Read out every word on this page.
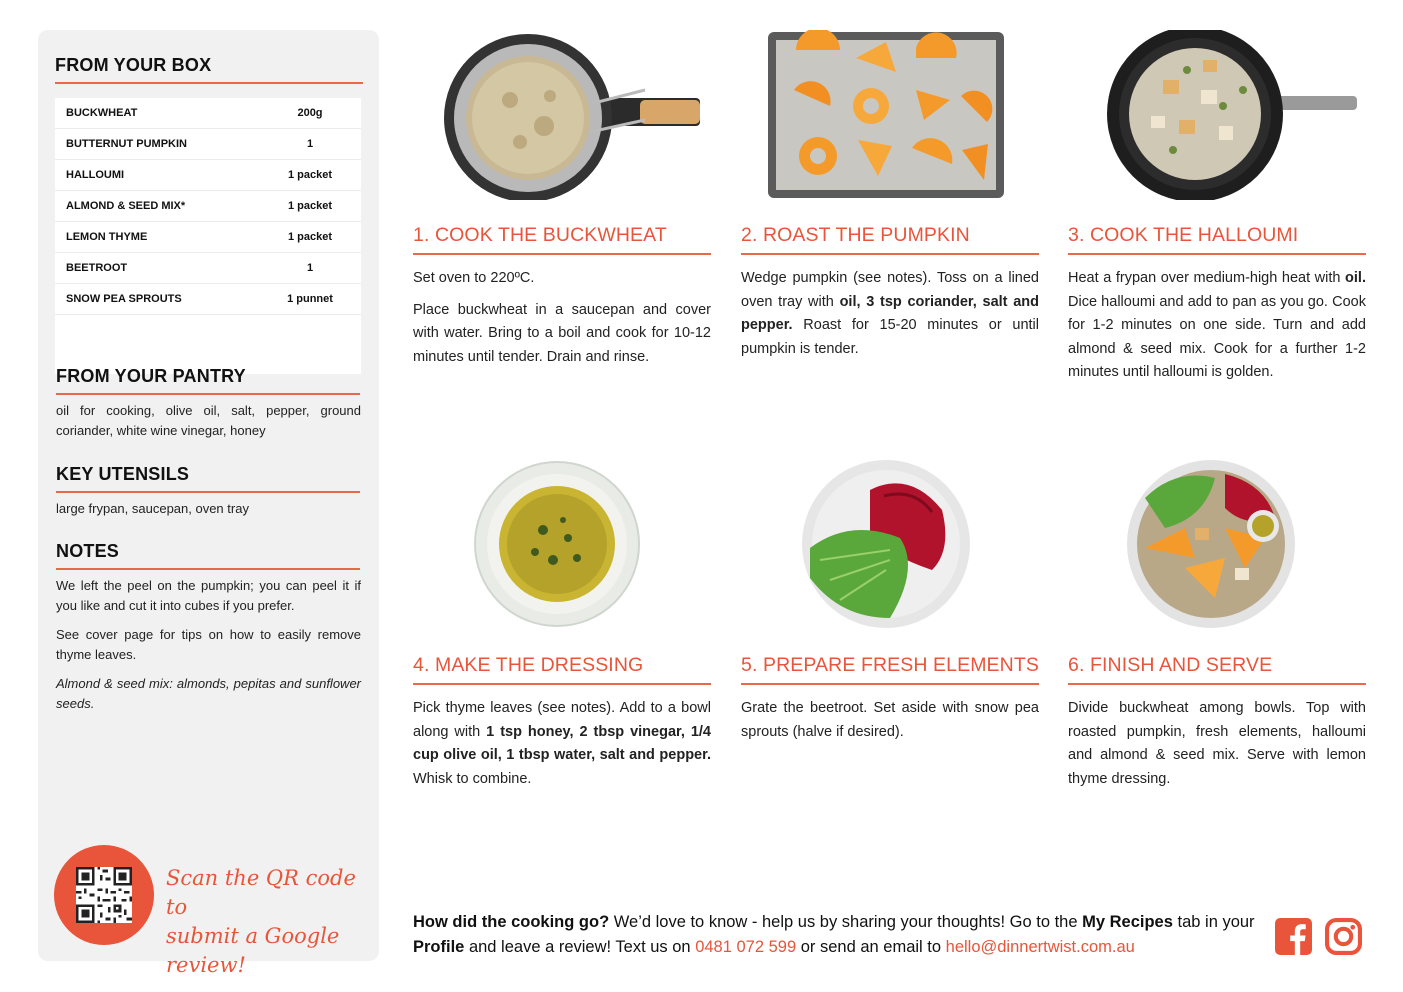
FROM YOUR BOX
BUCKWHEAT	200g
BUTTERNUT PUMPKIN	1
HALLOUMI	1 packet
ALMOND & SEED MIX*	1 packet
LEMON THYME	1 packet
BEETROOT	1
SNOW PEA SPROUTS	1 punnet
FROM YOUR PANTRY

oil for cooking, olive oil, salt, pepper, ground coriander, white wine vinegar, honey

KEY UTENSILS

large frypan, saucepan, oven tray

NOTES

We left the peel on the pumpkin; you can peel it if you like and cut it into cubes if you prefer.

See cover page for tips on how to easily remove thyme leaves.

Almond & seed mix: almonds, pepitas and sunflower seeds.

Scan the QR code to
submit a Google review!
1. COOK THE BUCKWHEAT

Set oven to 220ºC.

Place buckwheat in a saucepan and cover with water. Bring to a boil and cook for 10-12 minutes until tender. Drain and rinse.

2. ROAST THE PUMPKIN

Wedge pumpkin (see notes). Toss on a lined oven tray with oil, 3 tsp coriander, salt and pepper. Roast for 15-20 minutes or until pumpkin is tender.

3. COOK THE HALLOUMI

Heat a frypan over medium-high heat with oil. Dice halloumi and add to pan as you go. Cook for 1-2 minutes on one side. Turn and add almond & seed mix. Cook for a further 1-2 minutes until halloumi is golden.

4. MAKE THE DRESSING

Pick thyme leaves (see notes). Add to a bowl along with 1 tsp honey, 2 tbsp vinegar, 1/4 cup olive oil, 1 tbsp water, salt and pepper. Whisk to combine.

5. PREPARE FRESH ELEMENTS

Grate the beetroot. Set aside with snow pea sprouts (halve if desired).

6. FINISH AND SERVE

Divide buckwheat among bowls. Top with roasted pumpkin, fresh elements, halloumi and almond & seed mix. Serve with lemon thyme dressing.

How did the cooking go? We’d love to know - help us by sharing your thoughts! Go to the My Recipes tab in your Profile and leave a review! Text us on 0481 072 599 or send an email to hello@dinnertwist.com.au
